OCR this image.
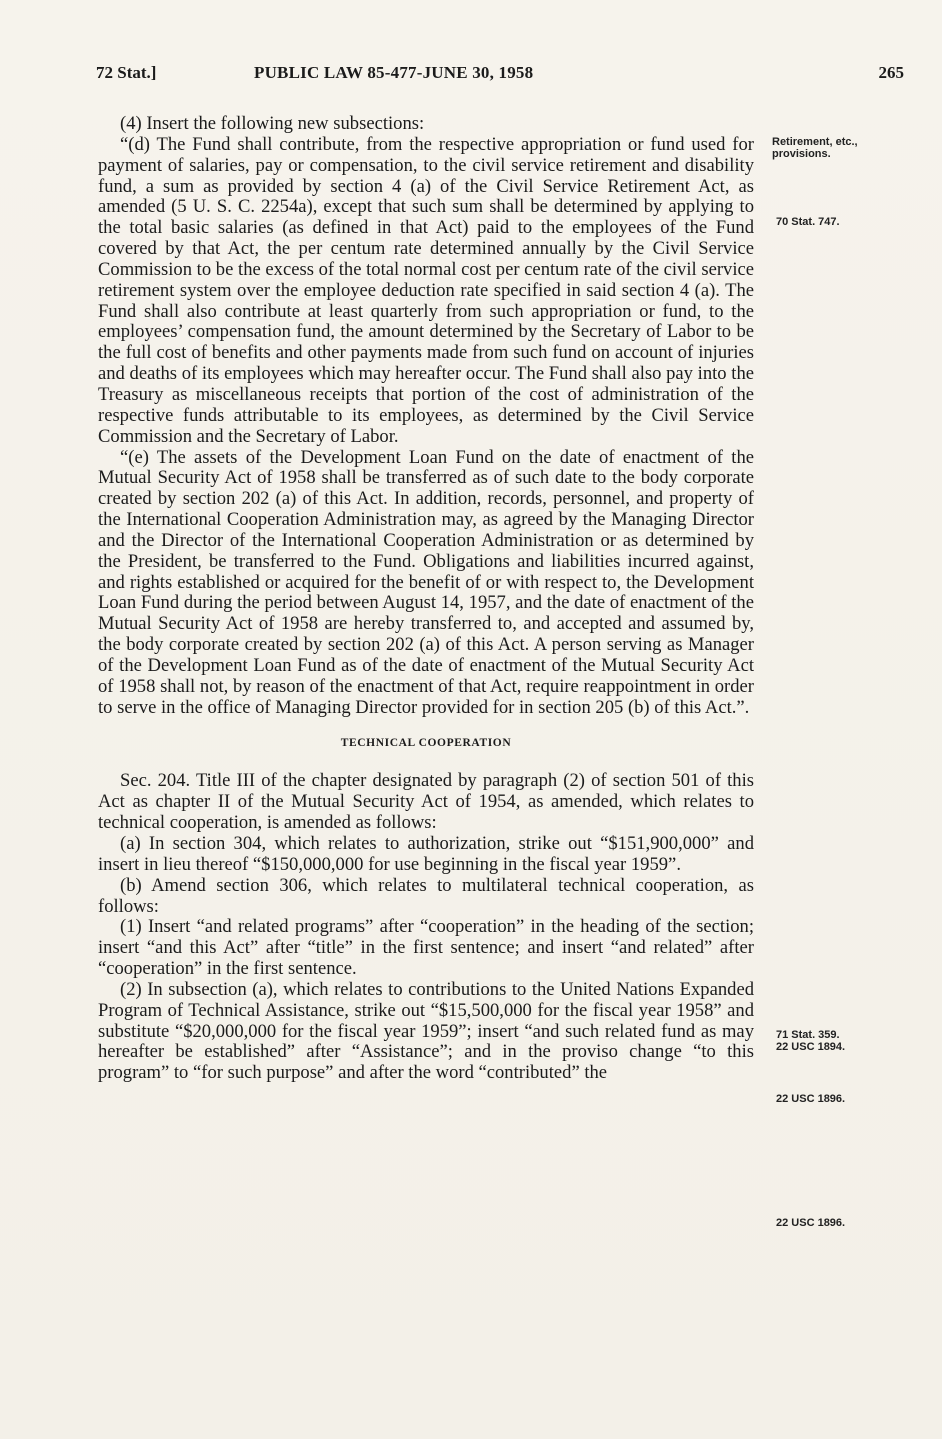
72 Stat.]	PUBLIC LAW 85-477-JUNE 30, 1958	265

(4) Insert the following new subsections:

“(d) The Fund shall contribute, from the respective appropriation or fund used for payment of salaries, pay or compensation, to the civil service retirement and disability fund, a sum as provided by section 4 (a) of the Civil Service Retirement Act, as amended (5 U. S. C. 2254a), except that such sum shall be determined by applying to the total basic salaries (as defined in that Act) paid to the employees of the Fund covered by that Act, the per centum rate determined annually by the Civil Service Commission to be the excess of the total normal cost per centum rate of the civil service retirement system over the employee deduction rate specified in said section 4 (a). The Fund shall also contribute at least quarterly from such appropriation or fund, to the employees’ compensation fund, the amount determined by the Secretary of Labor to be the full cost of benefits and other payments made from such fund on account of injuries and deaths of its employees which may hereafter occur. The Fund shall also pay into the Treasury as miscellaneous receipts that portion of the cost of administration of the respective funds attributable to its employees, as determined by the Civil Service Commission and the Secretary of Labor.

“(e) The assets of the Development Loan Fund on the date of enactment of the Mutual Security Act of 1958 shall be transferred as of such date to the body corporate created by section 202 (a) of this Act. In addition, records, personnel, and property of the International Cooperation Administration may, as agreed by the Managing Director and the Director of the International Cooperation Administration or as determined by the President, be transferred to the Fund. Obligations and liabilities incurred against, and rights established or acquired for the benefit of or with respect to, the Development Loan Fund during the period between August 14, 1957, and the date of enactment of the Mutual Security Act of 1958 are hereby transferred to, and accepted and assumed by, the body corporate created by section 202 (a) of this Act. A person serving as Manager of the Development Loan Fund as of the date of enactment of the Mutual Security Act of 1958 shall not, by reason of the enactment of that Act, require reappointment in order to serve in the office of Managing Director provided for in section 205 (b) of this Act.”.

TECHNICAL COOPERATION

Sec. 204. Title III of the chapter designated by paragraph (2) of section 501 of this Act as chapter II of the Mutual Security Act of 1954, as amended, which relates to technical cooperation, is amended as follows:

(a) In section 304, which relates to authorization, strike out “$151,900,000” and insert in lieu thereof “$150,000,000 for use beginning in the fiscal year 1959”.

(b) Amend section 306, which relates to multilateral technical cooperation, as follows:

(1) Insert “and related programs” after “cooperation” in the heading of the section; insert “and this Act” after “title” in the first sentence; and insert “and related” after “cooperation” in the first sentence.

(2) In subsection (a), which relates to contributions to the United Nations Expanded Program of Technical Assistance, strike out “$15,500,000 for the fiscal year 1958” and substitute “$20,000,000 for the fiscal year 1959”; insert “and such related fund as may hereafter be established” after “Assistance”; and in the proviso change “to this program” to “for such purpose” and after the word “contributed” the

Retirement, etc.,
provisions.
70 Stat. 747.
71 Stat. 359.
22 USC 1894.
22 USC 1896.
22 USC 1896.
